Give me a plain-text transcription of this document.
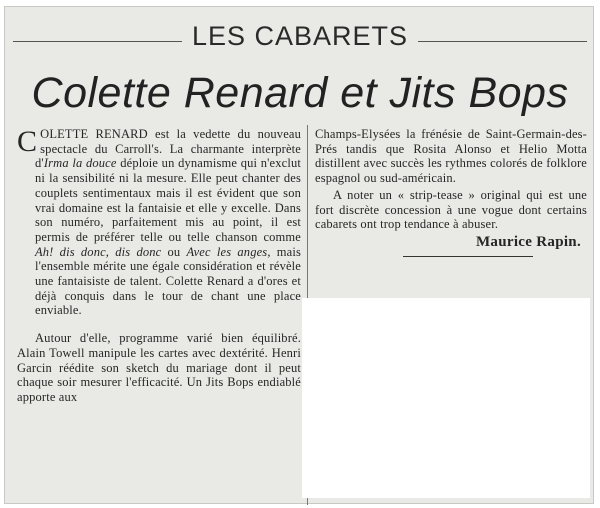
LES CABARETS
Colette Renard et Jits Bops

COLETTE RENARD est la vedette du nouveau spectacle du Carroll's. La charmante interprète d'Irma la douce déploie un dynamisme qui n'exclut ni la sensibilité ni la mesure. Elle peut chanter des couplets sentimentaux mais il est évident que son vrai domaine est la fantaisie et elle y excelle. Dans son numéro, parfaitement mis au point, il est permis de préférer telle ou telle chanson comme Ah! dis donc, dis donc ou Avec les anges, mais l'ensemble mérite une égale considération et révèle une fantaisiste de talent. Colette Renard a d'ores et déjà conquis dans le tour de chant une place enviable.

Autour d'elle, programme varié bien équilibré. Alain Towell manipule les cartes avec dextérité. Henri Garcin réédite son sketch du mariage dont il peut chaque soir mesurer l'efficacité. Un Jits Bops endiablé apporte aux

Champs-Elysées la frénésie de Saint-Germain-des-Prés tandis que Rosita Alonso et Helio Motta distillent avec succès les rythmes colorés de folklore espagnol ou sud-américain.

A noter un « strip-tease » original qui est une fort discrète concession à une vogue dont certains cabarets ont trop tendance à abuser.

Maurice Rapin.
